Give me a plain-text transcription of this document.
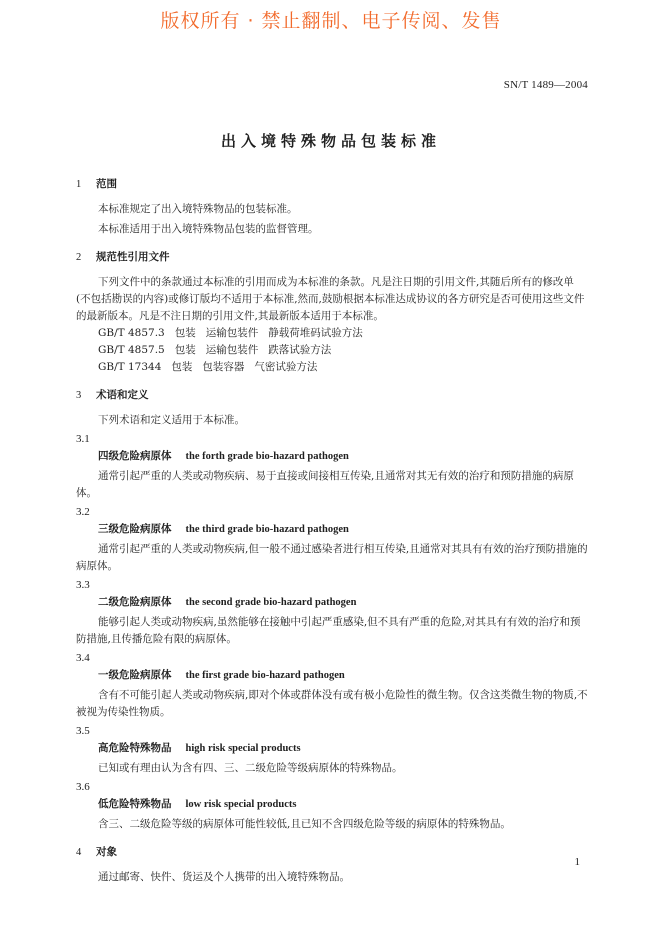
版权所有 · 禁止翻制、电子传阅、发售
SN/T 1489—2004
出入境特殊物品包装标准
1 范围
本标准规定了出入境特殊物品的包装标准。
本标准适用于出入境特殊物品包装的监督管理。
2 规范性引用文件
下列文件中的条款通过本标准的引用而成为本标准的条款。凡是注日期的引用文件,其随后所有的修改单(不包括勘误的内容)或修订版均不适用于本标准,然而,鼓励根据本标准达成协议的各方研究是否可使用这些文件的最新版本。凡是不注日期的引用文件,其最新版本适用于本标准。
GB/T 4857.3 包装 运输包装件 静载荷堆码试验方法
GB/T 4857.5 包装 运输包装件 跌落试验方法
GB/T 17344 包装 包装容器 气密试验方法
3 术语和定义
下列术语和定义适用于本标准。
3.1
四级危险病原体 the forth grade bio-hazard pathogen
通常引起严重的人类或动物疾病、易于直接或间接相互传染,且通常对其无有效的治疗和预防措施的病原体。
3.2
三级危险病原体 the third grade bio-hazard pathogen
通常引起严重的人类或动物疾病,但一般不通过感染者进行相互传染,且通常对其具有有效的治疗预防措施的病原体。
3.3
二级危险病原体 the second grade bio-hazard pathogen
能够引起人类或动物疾病,虽然能够在接触中引起严重感染,但不具有严重的危险,对其具有有效的治疗和预防措施,且传播危险有限的病原体。
3.4
一级危险病原体 the first grade bio-hazard pathogen
含有不可能引起人类或动物疾病,即对个体或群体没有或有极小危险性的微生物。仅含这类微生物的物质,不被视为传染性物质。
3.5
高危险特殊物品 high risk special products
已知或有理由认为含有四、三、二级危险等级病原体的特殊物品。
3.6
低危险特殊物品 low risk special products
含三、二级危险等级的病原体可能性较低,且已知不含四级危险等级的病原体的特殊物品。
4 对象
通过邮寄、快件、货运及个人携带的出入境特殊物品。
1
